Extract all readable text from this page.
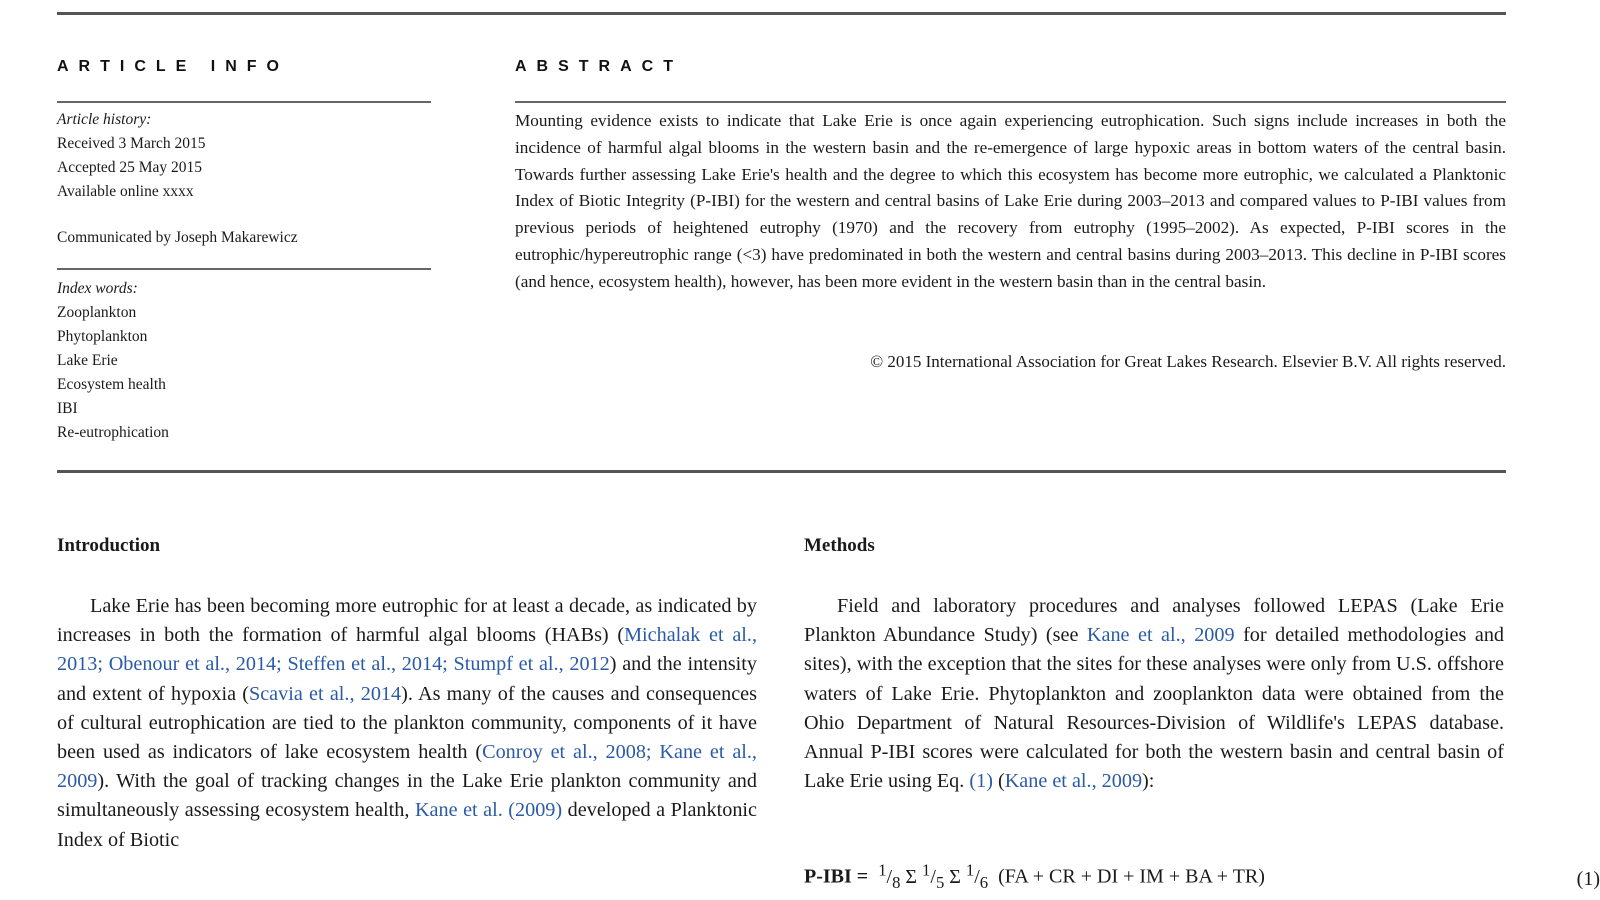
ARTICLE INFO	ABSTRACT
Article history:
Received 3 March 2015
Accepted 25 May 2015
Available online xxxx
Communicated by Joseph Makarewicz
Index words:
Zooplankton
Phytoplankton
Lake Erie
Ecosystem health
IBI
Re-eutrophication

Mounting evidence exists to indicate that Lake Erie is once again experiencing eutrophication. Such signs include increases in both the incidence of harmful algal blooms in the western basin and the re-emergence of large hypoxic areas in bottom waters of the central basin. Towards further assessing Lake Erie's health and the degree to which this ecosystem has become more eutrophic, we calculated a Planktonic Index of Biotic Integrity (P-IBI) for the western and central basins of Lake Erie during 2003–2013 and compared values to P-IBI values from previous periods of heightened eutrophy (1970) and the recovery from eutrophy (1995–2002). As expected, P-IBI scores in the eutrophic/hypereutrophic range (<3) have predominated in both the western and central basins during 2003–2013. This decline in P-IBI scores (and hence, ecosystem health), however, has been more evident in the western basin than in the central basin.

© 2015 International Association for Great Lakes Research. Elsevier B.V. All rights reserved.
Introduction	Methods

Lake Erie has been becoming more eutrophic for at least a decade, as indicated by increases in both the formation of harmful algal blooms (HABs) (Michalak et al., 2013; Obenour et al., 2014; Steffen et al., 2014; Stumpf et al., 2012) and the intensity and extent of hypoxia (Scavia et al., 2014). As many of the causes and consequences of cultural eutrophication are tied to the plankton community, components of it have been used as indicators of lake ecosystem health (Conroy et al., 2008; Kane et al., 2009). With the goal of tracking changes in the Lake Erie plankton community and simultaneously assessing ecosystem health, Kane et al. (2009) developed a Planktonic Index of Biotic

Field and laboratory procedures and analyses followed LEPAS (Lake Erie Plankton Abundance Study) (see Kane et al., 2009 for detailed methodologies and sites), with the exception that the sites for these analyses were only from U.S. offshore waters of Lake Erie. Phytoplankton and zooplankton data were obtained from the Ohio Department of Natural Resources-Division of Wildlife's LEPAS database. Annual P-IBI scores were calculated for both the western basin and central basin of Lake Erie using Eq. (1) (Kane et al., 2009):

$P-IBI = ^1/_8$ Σ $^1/_5$ Σ $^1/_6$ (FA + CR + DI + IM + BA + TR)	(1)
